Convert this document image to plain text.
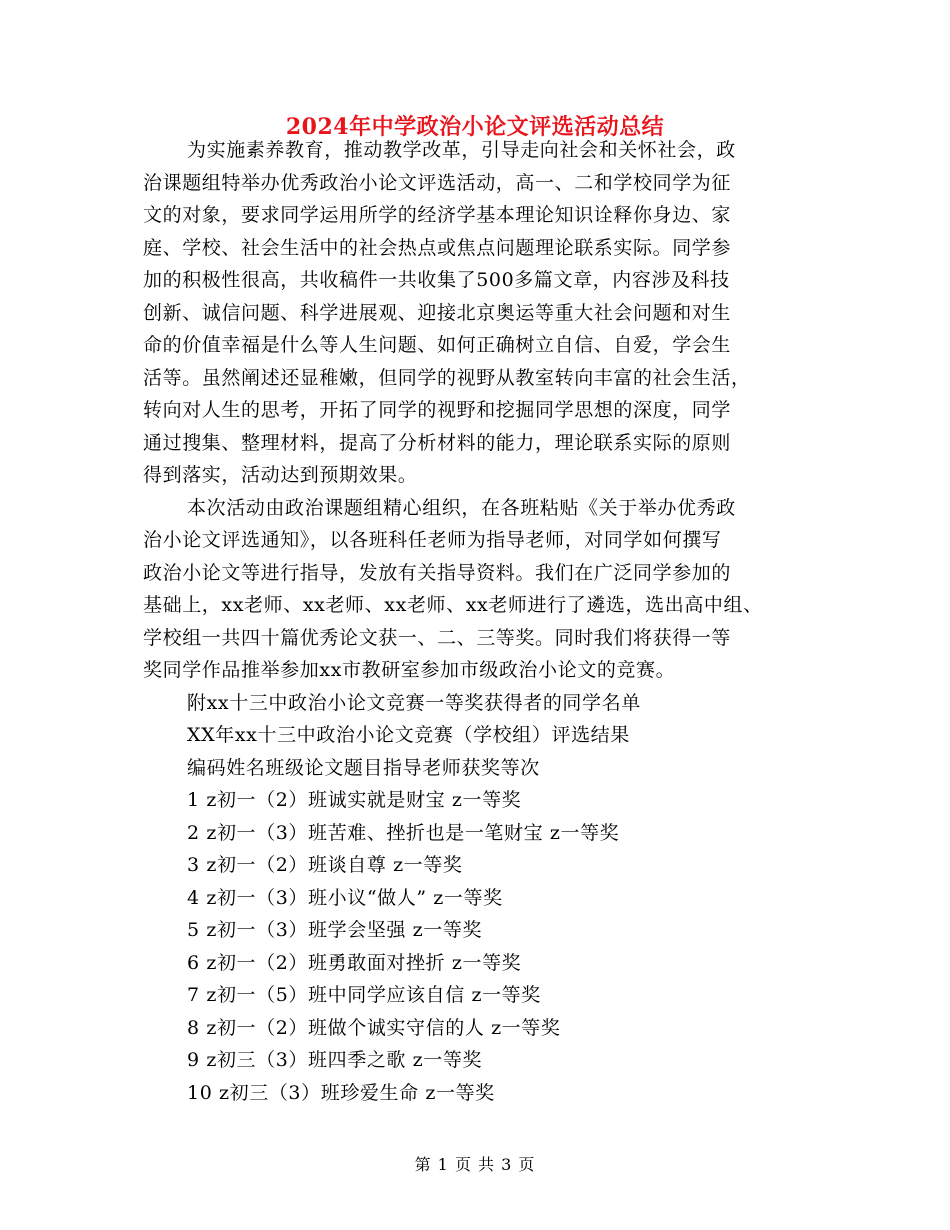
2024年中学政治小论文评选活动总结
为实施素养教育，推动教学改革，引导走向社会和关怀社会，政
治课题组特举办优秀政治小论文评选活动，高一、二和学校同学为征
文的对象，要求同学运用所学的经济学基本理论知识诠释你身边、家
庭、学校、社会生活中的社会热点或焦点问题理论联系实际。同学参
加的积极性很高，共收稿件一共收集了500多篇文章，内容涉及科技
创新、诚信问题、科学进展观、迎接北京奥运等重大社会问题和对生
命的价值幸福是什么等人生问题、如何正确树立自信、自爱，学会生
活等。虽然阐述还显稚嫩，但同学的视野从教室转向丰富的社会生活，
转向对人生的思考，开拓了同学的视野和挖掘同学思想的深度，同学
通过搜集、整理材料，提高了分析材料的能力，理论联系实际的原则
得到落实，活动达到预期效果。
本次活动由政治课题组精心组织，在各班粘贴《关于举办优秀政
治小论文评选通知》，以各班科任老师为指导老师，对同学如何撰写
政治小论文等进行指导，发放有关指导资料。我们在广泛同学参加的
基础上，xx老师、xx老师、xx老师、xx老师进行了遴选，选出高中组、
学校组一共四十篇优秀论文获一、二、三等奖。同时我们将获得一等
奖同学作品推举参加xx市教研室参加市级政治小论文的竞赛。
附xx十三中政治小论文竞赛一等奖获得者的同学名单
XX年xx十三中政治小论文竞赛（学校组）评选结果
编码姓名班级论文题目指导老师获奖等次
1 z初一（2）班诚实就是财宝 z一等奖
2 z初一（3）班苦难、挫折也是一笔财宝 z一等奖
3 z初一（2）班谈自尊 z一等奖
4 z初一（3）班小议“做人” z一等奖
5 z初一（3）班学会坚强 z一等奖
6 z初一（2）班勇敢面对挫折 z一等奖
7 z初一（5）班中同学应该自信 z一等奖
8 z初一（2）班做个诚实守信的人 z一等奖
9 z初三（3）班四季之歌 z一等奖
10 z初三（3）班珍爱生命 z一等奖
第 1 页 共 3 页
